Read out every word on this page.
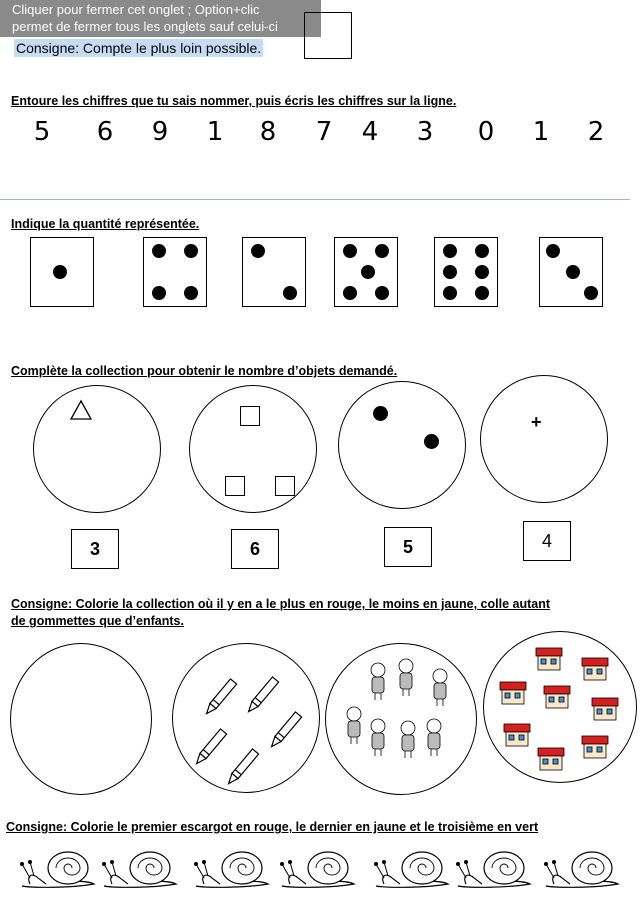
Cliquer pour fermer cet onglet ; Option+clic
permet de fermer tous les onglets sauf celui-ci
Consigne: Compte le plus loin possible.
Entoure les chiffres que tu sais nommer, puis écris les chiffres sur la ligne.
5 6 9 1 8 7 4 3 0 1 2
Indique la quantité représentée.
Complète la collection pour obtenir le nombre d’objets demandé.
3	6	5
+
4
Consigne: Colorie la collection où il y en a le plus en rouge, le moins en jaune, colle autant
de gommettes que d’enfants.
Consigne: Colorie le premier escargot en rouge, le dernier en jaune et le troisième en vert
